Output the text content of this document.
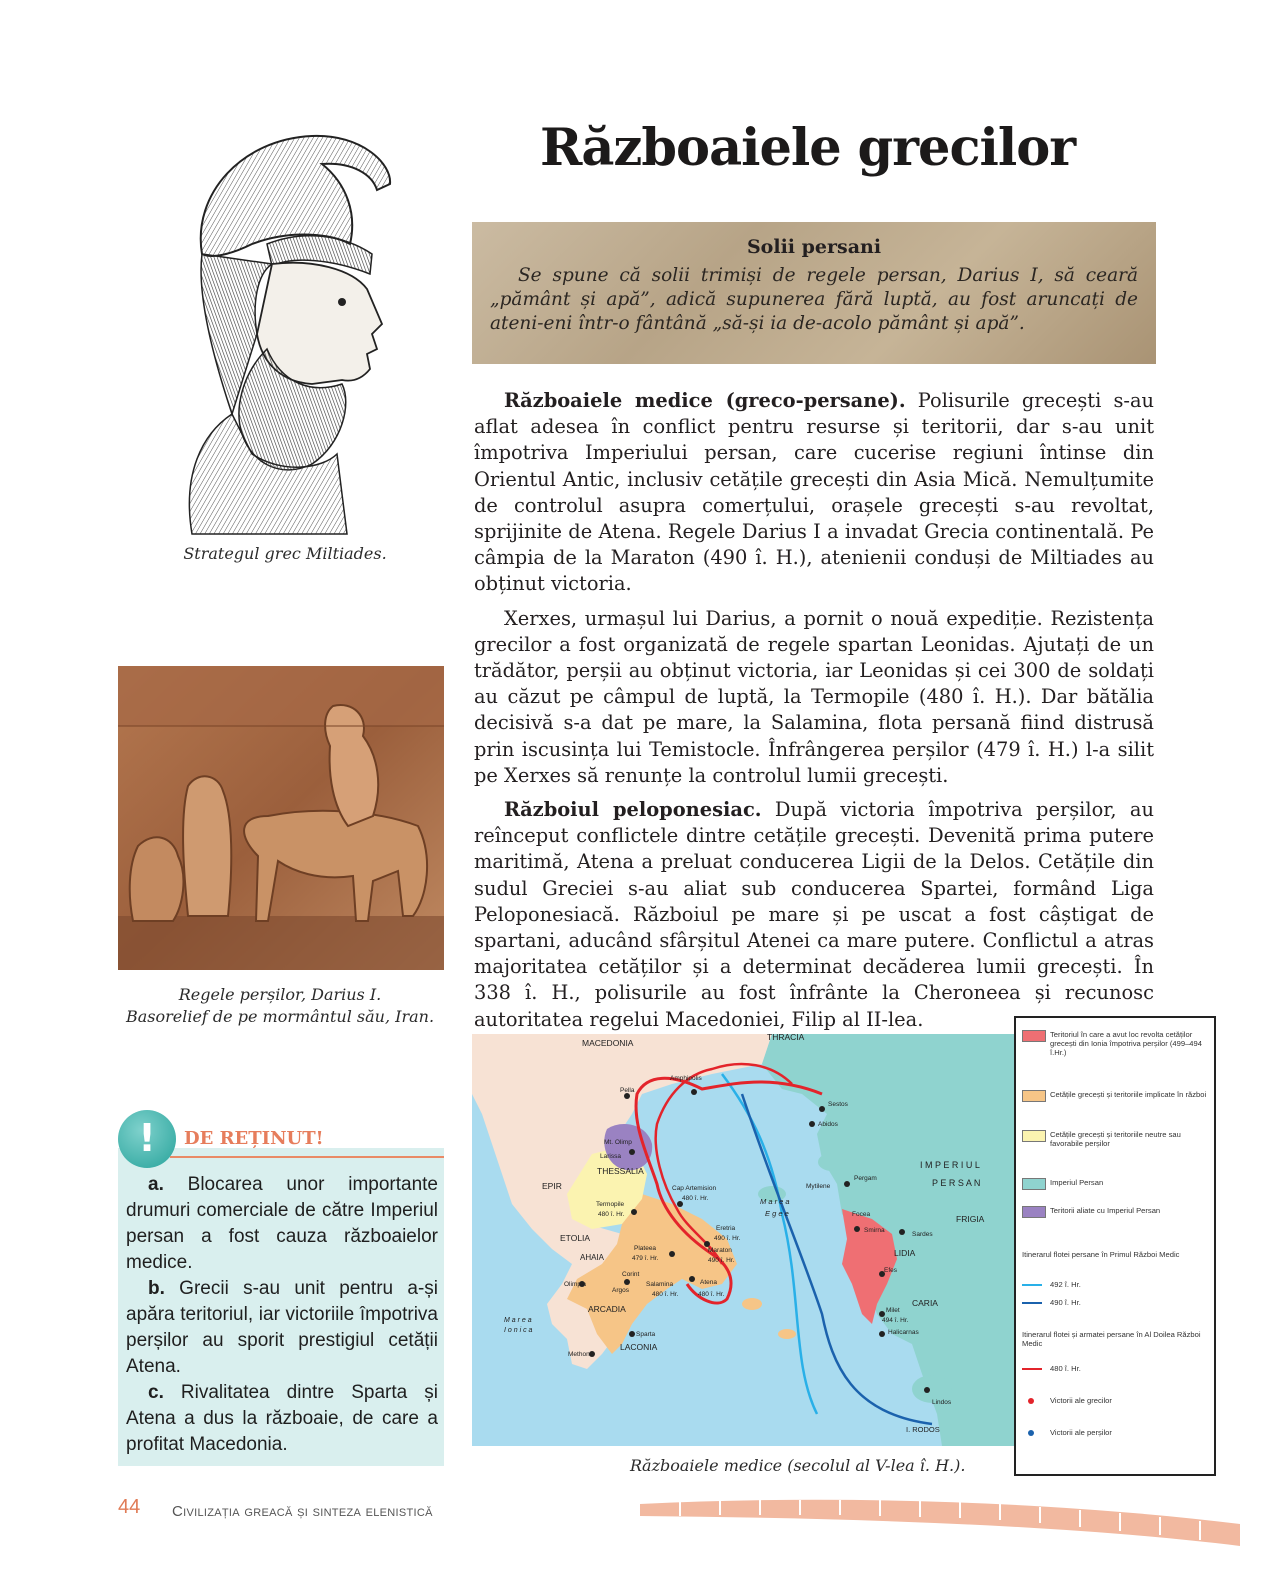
Războaiele grecilor
Strategul grec Miltiades.
Regele perșilor, Darius I.
Basorelief de pe mormântul său, Iran.
Solii persani
Se spune că solii trimiși de regele persan, Darius I, să ceară „pământ și apă”, adică supunerea fără luptă, au fost aruncați de ateni-eni într-o fântână „să-și ia de-acolo pământ și apă”.

Războaiele medice (greco-persane). Polisurile grecești s-au aflat adesea în conflict pentru resurse și teritorii, dar s-au unit împotriva Imperiului persan, care cucerise regiuni întinse din Orientul Antic, inclusiv cetățile grecești din Asia Mică. Nemulțumite de controlul asupra comerțului, orașele grecești s-au revoltat, sprijinite de Atena. Regele Darius I a invadat Grecia continentală. Pe câmpia de la Maraton (490 î. H.), atenienii conduși de Miltiades au obținut victoria.

Xerxes, urmașul lui Darius, a pornit o nouă expediție. Rezistența grecilor a fost organizată de regele spartan Leonidas. Ajutați de un trădător, perșii au obținut victoria, iar Leonidas și cei 300 de soldați au căzut pe câmpul de luptă, la Termopile (480 î. H.). Dar bătălia decisivă s-a dat pe mare, la Salamina, flota persană fiind distrusă prin iscusința lui Temistocle. Înfrângerea perșilor (479 î. H.) l-a silit pe Xerxes să renunțe la controlul lumii grecești.

Războiul peloponesiac. După victoria împotriva perșilor, au reînceput conflictele dintre cetățile grecești. Devenită prima putere maritimă, Atena a preluat conducerea Ligii de la Delos. Cetățile din sudul Greciei s-au aliat sub conducerea Spartei, formând Liga Peloponesiacă. Războiul pe mare și pe uscat a fost câștigat de spartani, aducând sfârșitul Atenei ca mare putere. Conflictul a atras majoritatea cetăților și a determinat decăderea lumii grecești. În 338 î. H., polisurile au fost înfrânte la Cheroneea și recunosc autoritatea regelui Macedoniei, Filip al II-lea.

!	DE REȚINUT!

a. Blocarea unor importante drumuri comerciale de către Imperiul persan a fost cauza războaielor medice.

b. Grecii s-au unit pentru a-și apăra teritoriul, iar victoriile împotriva perșilor au sporit prestigiul cetății Atena.

c. Rivalitatea dintre Sparta și Atena a dus la războaie, de care a profitat Macedonia.

MACEDONIA
THRACIA
Pella
Amphipolis
Mt. Olimp
Larissa
THESSALIA
Sestos
Abidos
EPIR
Termopile
480 î. Hr.
Cap Artemision
480 î. Hr.	M a r e a
E g e e
Mytilene
Pergam
I M P E R I U L
P E R S A N
ETOLIA
AHAIA
Plateea
479 î. Hr.
Eretria
490 î. Hr.
Maraton
490 î. Hr.
Focea
Smirna
Sardes
FRIGIA
LIDIA
Olimpia
Corint
Argos
Salamina
480 î. Hr.
Atena
480 î. Hr.
Efes
ARCADIA	Milet
494 î. Hr.
CARIA
Halicarnas
M a r e a
I o n i c a
Sparta
LACONIA
Methone
Lindos
I. RODOS
Teritoriul în care a avut loc revolta cetăților grecești din Ionia împotriva perșilor (499–494 î.Hr.)
Cetățile grecești și teritoriile implicate în război
Cetățile grecești și teritoriile neutre sau favorabile perșilor
Imperiul Persan
Teritorii aliate cu Imperiul Persan
Itinerarul flotei persane în Primul Război Medic
492 î. Hr.
490 î. Hr.
Itinerarul flotei și armatei persane în Al Doilea Război Medic
480 î. Hr.
Victorii ale grecilor
Victorii ale perșilor
Războaiele medice (secolul al V-lea î. H.).
44 Civilizația greacă și sinteza elenistică
